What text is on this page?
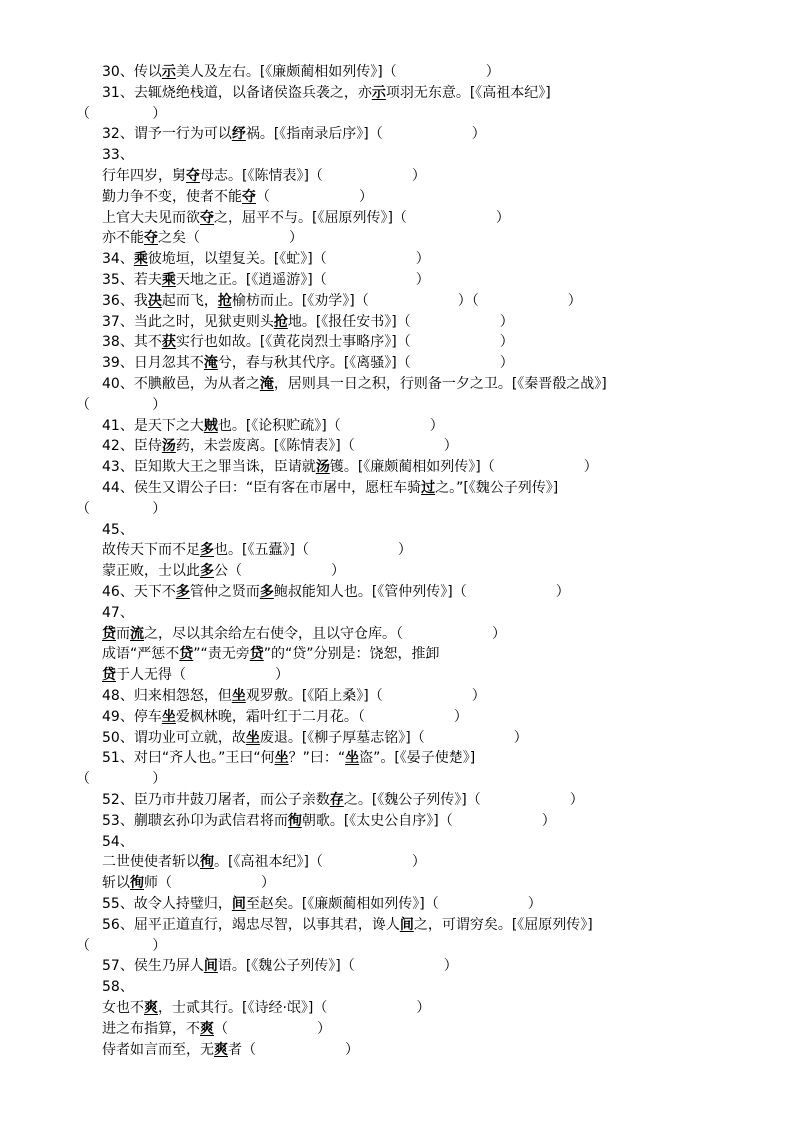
30、传以示美人及左右。[《廉颇蔺相如列传》]（                    ）
31、去辄烧绝栈道，以备诸侯盗兵袭之，亦示项羽无东意。[《高祖本纪》]
（              ）
32、谓予一行为可以纾祸。[《指南录后序》]（                    ）
33、
行年四岁，舅夺母志。[《陈情表》]（                    ）
勤力争不变，使者不能夺（                    ）
上官大夫见而欲夺之，屈平不与。[《屈原列传》]（                    ）
亦不能夺之矣（                    ）
34、乘彼垝垣，以望复关。[《虻》]（                    ）
35、若夫乘天地之正。[《逍遥游》]（                    ）
36、我决起而飞，抢榆枋而止。[《劝学》]（                    ）（                    ）
37、当此之时，见狱吏则头抢地。[《报任安书》]（                    ）
38、其不获实行也如故。[《黄花岗烈士事略序》]（                    ）
39、日月忽其不淹兮，春与秋其代序。[《离骚》]（                    ）
40、不腆敝邑，为从者之淹，居则具一日之积，行则备一夕之卫。[《秦晋殽之战》]
（              ）
41、是天下之大贼也。[《论积贮疏》]（                    ）
42、臣侍汤药，未尝废离。[《陈情表》]（                    ）
43、臣知欺大王之罪当诛，臣请就汤镬。[《廉颇蔺相如列传》]（                    ）
44、侯生又谓公子曰：“臣有客在市屠中，愿枉车骑过之。”[《魏公子列传》]
（              ）
45、
故传天下而不足多也。[《五蠹》]（                    ）
蒙正败，士以此多公（                    ）
46、天下不多管仲之贤而多鲍叔能知人也。[《管仲列传》]（                    ）
47、
贷而流之，尽以其余给左右使令，且以守仓库。（                    ）
成语“严惩不贷”“责无旁贷”的“贷”分别是：饶恕，推卸
贷于人无得（                    ）
48、归来相怨怒，但坐观罗敷。[《陌上桑》]（                    ）
49、停车坐爱枫林晚，霜叶红于二月花。（                    ）
50、谓功业可立就，故坐废退。[《柳子厚墓志铭》]（                    ）
51、对曰“齐人也。”王曰“何坐？”曰：“坐盗”。[《晏子使楚》]
（              ）
52、臣乃市井鼓刀屠者，而公子亲数存之。[《魏公子列传》]（                    ）
53、蒯聩玄孙卬为武信君将而徇朝歌。[《太史公自序》]（                    ）
54、
二世使使者斩以徇。[《高祖本纪》]（                    ）
斩以徇师（                    ）
55、故令人持璧归，间至赵矣。[《廉颇蔺相如列传》]（                    ）
56、屈平正道直行，竭忠尽智，以事其君，谗人间之，可谓穷矣。[《屈原列传》]
（              ）
57、侯生乃屏人间语。[《魏公子列传》]（                    ）
58、
女也不爽，士贰其行。[《诗经·氓》]（                    ）
进之布指算，不爽（                    ）
侍者如言而至，无爽者（                    ）
